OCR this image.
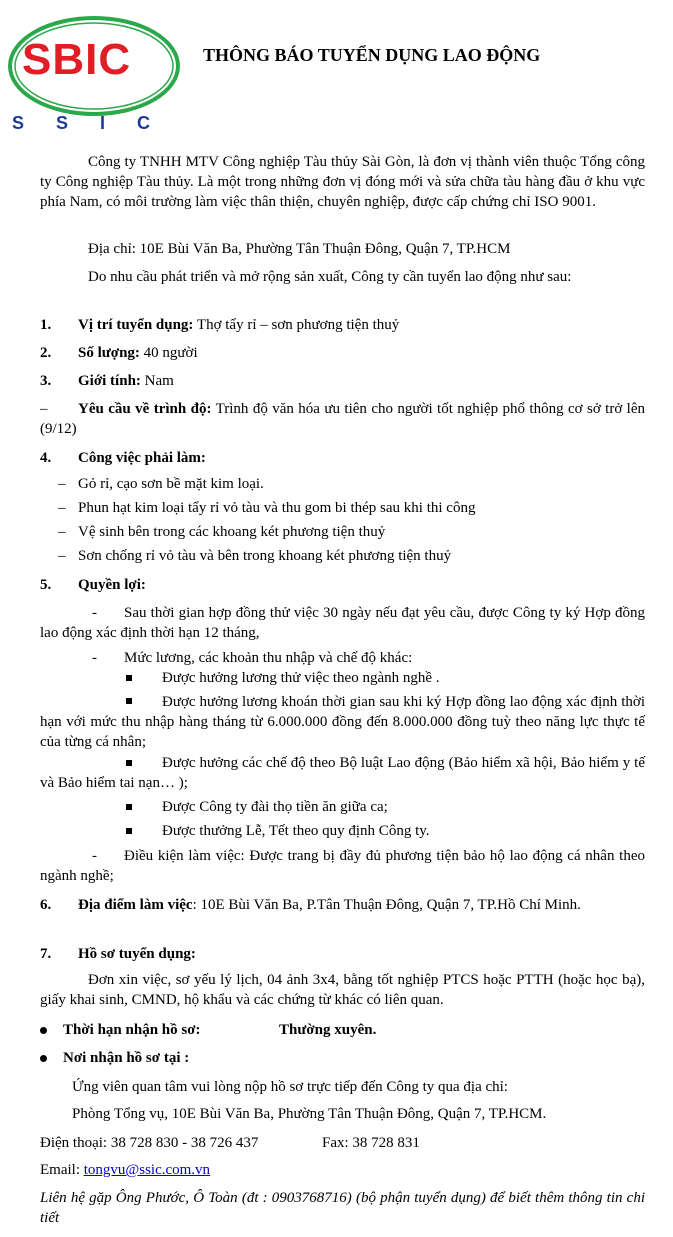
SBIC
SSIC
THÔNG BÁO TUYỂN DỤNG LAO ĐỘNG
Công ty TNHH MTV Công nghiệp Tàu thủy Sài Gòn, là đơn vị thành viên thuộc Tổng công ty Công nghiệp Tàu thủy. Là một trong những đơn vị đóng mới và sửa chữa tàu hàng đầu ở khu vực phía Nam, có môi trường làm việc thân thiện, chuyên nghiệp, được cấp chứng chỉ ISO 9001.
Địa chỉ: 10E Bùi Văn Ba, Phường Tân Thuận Đông, Quận 7, TP.HCM
Do nhu cầu phát triển và mở rộng sản xuất, Công ty cần tuyển lao động như sau:
1. Vị trí tuyển dụng: Thợ tẩy rỉ – sơn phương tiện thuỷ
2. Số lượng: 40 người
3. Giới tính: Nam
–	Yêu cầu về trình độ: Trình độ văn hóa ưu tiên cho người tốt nghiệp phổ thông cơ sở trở lên (9/12)
4. Công việc phải làm:
– Gỏ rỉ, cạo sơn bề mặt kim loại.
– Phun hạt kim loại tẩy rỉ vỏ tàu và thu gom bi thép sau khi thi công
– Vệ sinh bên trong các khoang két phương tiện thuỷ
– Sơn chống rỉ vỏ tàu và bên trong khoang két phương tiện thuỷ
5. Quyền lợi:
-	Sau thời gian hợp đồng thử việc 30 ngày nếu đạt yêu cầu, được Công ty ký Hợp đồng lao động xác định thời hạn 12 tháng,
- Mức lương, các khoản thu nhập và chế độ khác:
Được hưởng lương thử việc theo ngành nghề .
Được hưởng lương khoán thời gian sau khi ký Hợp đồng lao động xác định thời hạn với mức thu nhập hàng tháng từ 6.000.000 đồng đến 8.000.000 đồng tuỳ theo năng lực thực tế của từng cá nhân;
Được hưởng các chế độ theo Bộ luật Lao động (Bảo hiểm xã hội, Bảo hiểm y tế và Bảo hiểm tai nạn… );
Được Công ty đài thọ tiền ăn giữa ca;
Được thưởng Lễ, Tết theo quy định Công ty.
-	Điều kiện làm việc: Được trang bị đầy đủ phương tiện bảo hộ lao động cá nhân theo ngành nghề;
6. Địa điểm làm việc: 10E Bùi Văn Ba, P.Tân Thuận Đông, Quận 7, TP.Hồ Chí Minh.
7. Hồ sơ tuyển dụng:
Đơn xin việc, sơ yếu lý lịch, 04 ảnh 3x4, bằng tốt nghiệp PTCS hoặc PTTH (hoặc học bạ), giấy khai sinh, CMND, hộ khẩu và các chứng từ khác có liên quan.
Thời hạn nhận hồ sơ:	Thường xuyên.
Nơi nhận hồ sơ tại :
Ứng viên quan tâm vui lòng nộp hồ sơ trực tiếp đến Công ty qua địa chỉ:
Phòng Tổng vụ, 10E Bùi Văn Ba, Phường Tân Thuận Đông, Quận 7, TP.HCM.
Điện thoại: 38 728 830 - 38 726 437	Fax: 38 728 831
Email: tongvu@ssic.com.vn
Liên hệ gặp Ông Phước, Ô Toàn (đt : 0903768716) (bộ phận tuyển dụng) để biết thêm thông tin chi tiết
